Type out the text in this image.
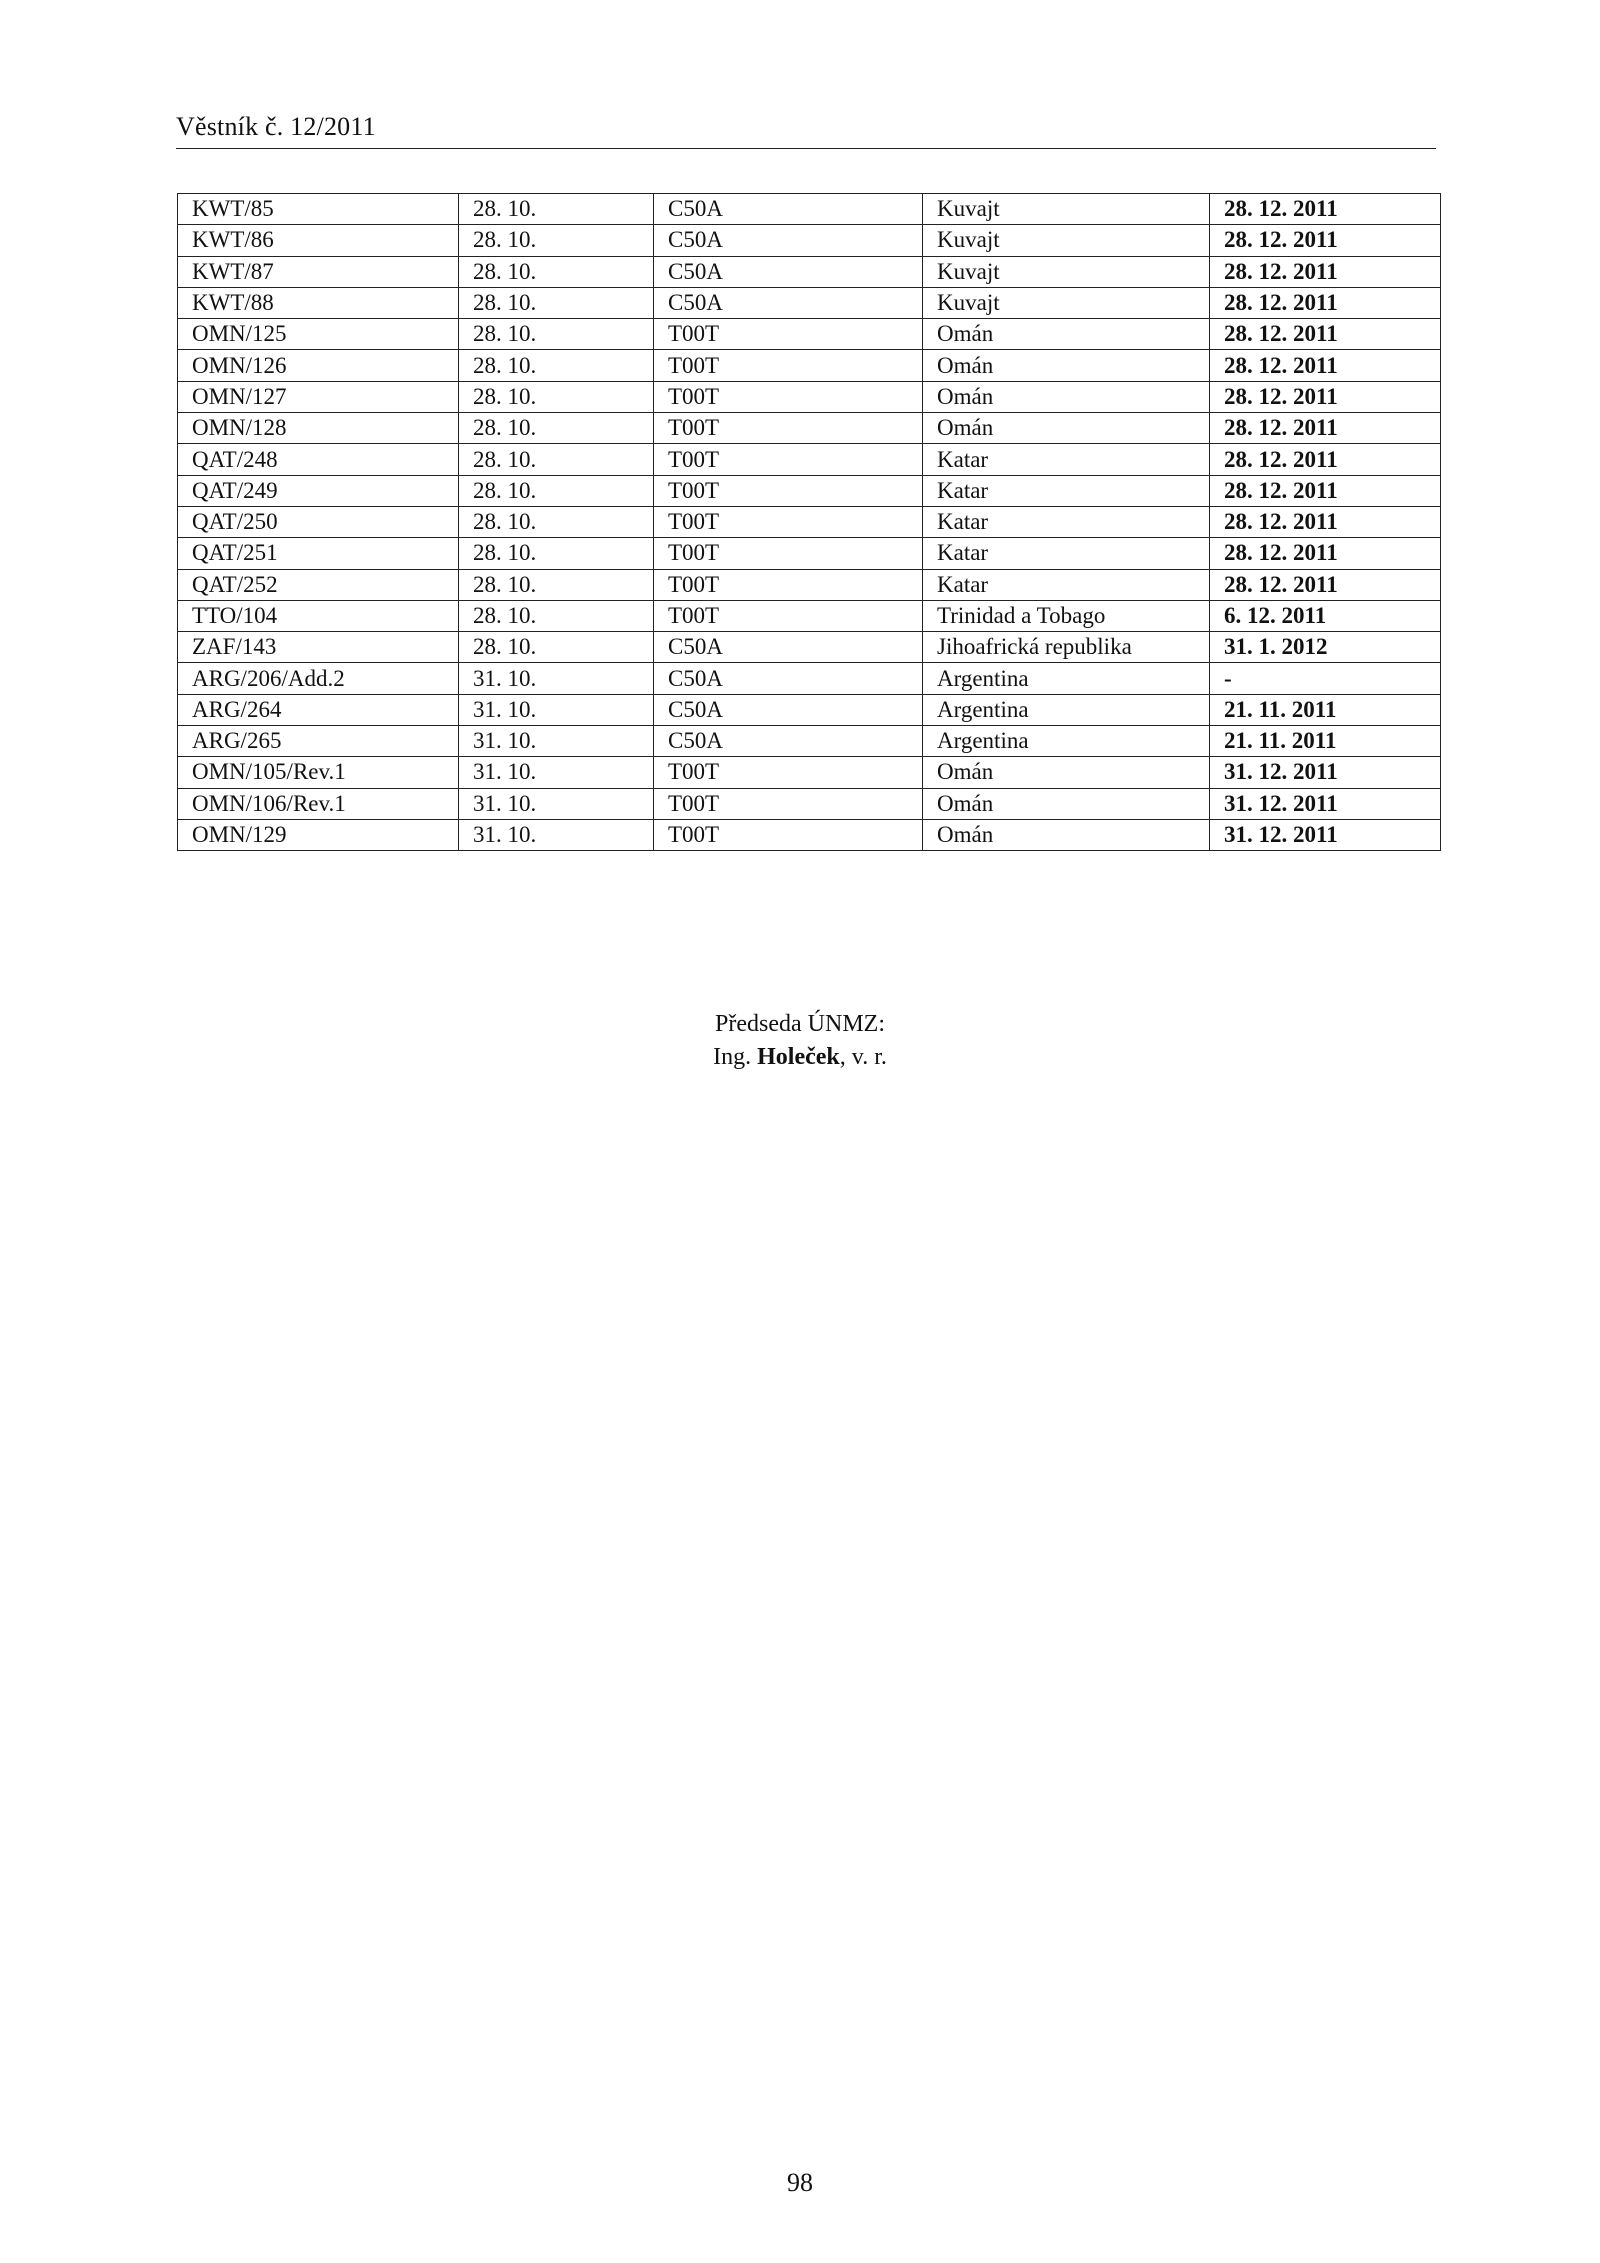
Věstník č. 12/2011
KWT/85	28. 10.	C50A	Kuvajt	28. 12. 2011
KWT/86	28. 10.	C50A	Kuvajt	28. 12. 2011
KWT/87	28. 10.	C50A	Kuvajt	28. 12. 2011
KWT/88	28. 10.	C50A	Kuvajt	28. 12. 2011
OMN/125	28. 10.	T00T	Omán	28. 12. 2011
OMN/126	28. 10.	T00T	Omán	28. 12. 2011
OMN/127	28. 10.	T00T	Omán	28. 12. 2011
OMN/128	28. 10.	T00T	Omán	28. 12. 2011
QAT/248	28. 10.	T00T	Katar	28. 12. 2011
QAT/249	28. 10.	T00T	Katar	28. 12. 2011
QAT/250	28. 10.	T00T	Katar	28. 12. 2011
QAT/251	28. 10.	T00T	Katar	28. 12. 2011
QAT/252	28. 10.	T00T	Katar	28. 12. 2011
TTO/104	28. 10.	T00T	Trinidad a Tobago	6. 12. 2011
ZAF/143	28. 10.	C50A	Jihoafrická republika	31. 1. 2012
ARG/206/Add.2	31. 10.	C50A	Argentina	-
ARG/264	31. 10.	C50A	Argentina	21. 11. 2011
ARG/265	31. 10.	C50A	Argentina	21. 11. 2011
OMN/105/Rev.1	31. 10.	T00T	Omán	31. 12. 2011
OMN/106/Rev.1	31. 10.	T00T	Omán	31. 12. 2011
OMN/129	31. 10.	T00T	Omán	31. 12. 2011
Předseda ÚNMZ:
Ing. Holeček, v. r.
98
